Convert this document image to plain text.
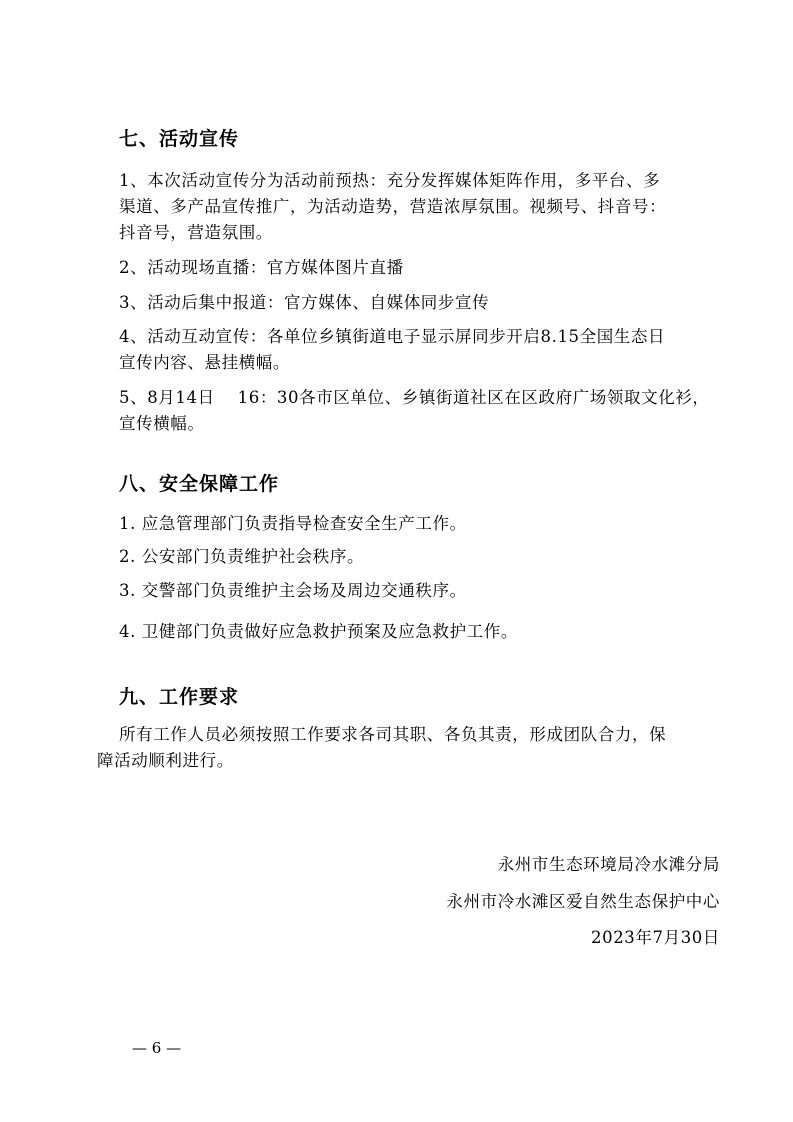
七、活动宣传
1、本次活动宣传分为活动前预热：充分发挥媒体矩阵作用，多平台、多
渠道、多产品宣传推广，为活动造势，营造浓厚氛围。视频号、抖音号：
抖音号，营造氛围。
2、活动现场直播：官方媒体图片直播
3、活动后集中报道：官方媒体、自媒体同步宣传
4、活动互动宣传：各单位乡镇街道电子显示屏同步开启8.15全国生态日
宣传内容、悬挂横幅。
5、8月14日　 16：30各市区单位、乡镇街道社区在区政府广场领取文化衫，
宣传横幅。
八、安全保障工作
1. 应急管理部门负责指导检查安全生产工作。
2. 公安部门负责维护社会秩序。
3. 交警部门负责维护主会场及周边交通秩序。
4. 卫健部门负责做好应急救护预案及应急救护工作。
九、工作要求
所有工作人员必须按照工作要求各司其职、各负其责，形成团队合力，保
障活动顺利进行。
永州市生态环境局冷水滩分局
永州市冷水滩区爱自然生态保护中心
2023年7月30日
— 6 —
